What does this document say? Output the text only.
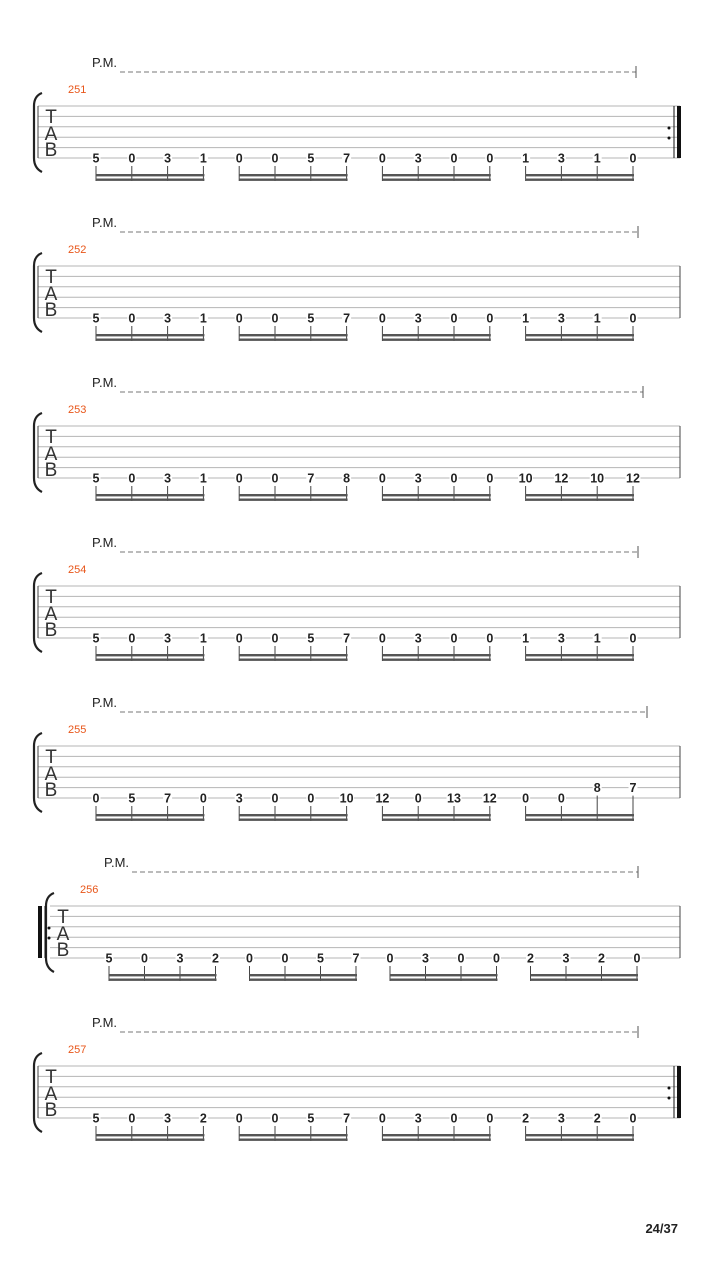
P.M.
251
T
A
B	5 0 3 1 0 0 5 7 0 3 0 0 1 3 1 0
P.M.
252
T
A
B	5 0 3 1 0 0 5 7 0 3 0 0 1 3 1 0
P.M.
253
T
A
B	5 0 3 1 0 0 7 8 0 3 0 0 10 12 10 12
P.M.
254
T
A
B	5 0 3 1 0 0 5 7 0 3 0 0 1 3 1 0
P.M.
255
T
A
B	0 5 7 0 3 0 0 10 12 0 13 12 0 0
8 7
P.M.
256
T
A
B	5 0 3 2 0 0 5 7 0 3 0 0 2 3 2 0
P.M.
257
T
A
B	5 0 3 2 0 0 5 7 0 3 0 0 2 3 2 0
24/37
